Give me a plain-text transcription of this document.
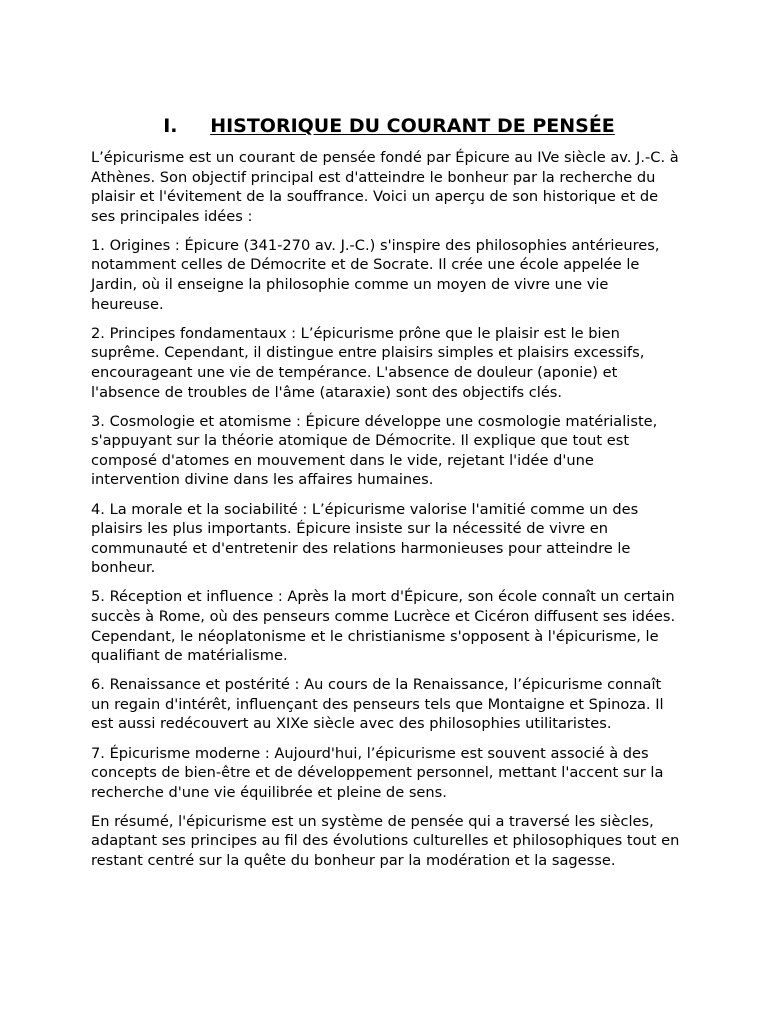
I.	HISTORIQUE DU COURANT DE PENSÉE

L’épicurisme est un courant de pensée fondé par Épicure au IVe siècle av. J.-C. à Athènes. Son objectif principal est d'atteindre le bonheur par la recherche du plaisir et l'évitement de la souffrance. Voici un aperçu de son historique et de ses principales idées :

1. Origines : Épicure (341-270 av. J.-C.) s'inspire des philosophies antérieures, notamment celles de Démocrite et de Socrate. Il crée une école appelée le Jardin, où il enseigne la philosophie comme un moyen de vivre une vie heureuse.

2. Principes fondamentaux : L’épicurisme prône que le plaisir est le bien suprême. Cependant, il distingue entre plaisirs simples et plaisirs excessifs, encourageant une vie de tempérance. L'absence de douleur (aponie) et l'absence de troubles de l'âme (ataraxie) sont des objectifs clés.

3. Cosmologie et atomisme : Épicure développe une cosmologie matérialiste, s'appuyant sur la théorie atomique de Démocrite. Il explique que tout est composé d'atomes en mouvement dans le vide, rejetant l'idée d'une intervention divine dans les affaires humaines.

4. La morale et la sociabilité : L’épicurisme valorise l'amitié comme un des plaisirs les plus importants. Épicure insiste sur la nécessité de vivre en communauté et d'entretenir des relations harmonieuses pour atteindre le bonheur.

5. Réception et influence : Après la mort d'Épicure, son école connaît un certain succès à Rome, où des penseurs comme Lucrèce et Cicéron diffusent ses idées. Cependant, le néoplatonisme et le christianisme s'opposent à l'épicurisme, le qualifiant de matérialisme.

6. Renaissance et postérité : Au cours de la Renaissance, l’épicurisme connaît un regain d'intérêt, influençant des penseurs tels que Montaigne et Spinoza. Il est aussi redécouvert au XIXe siècle avec des philosophies utilitaristes.

7. Épicurisme moderne : Aujourd'hui, l’épicurisme est souvent associé à des concepts de bien-être et de développement personnel, mettant l'accent sur la recherche d'une vie équilibrée et pleine de sens.

En résumé, l'épicurisme est un système de pensée qui a traversé les siècles, adaptant ses principes au fil des évolutions culturelles et philosophiques tout en restant centré sur la quête du bonheur par la modération et la sagesse.
